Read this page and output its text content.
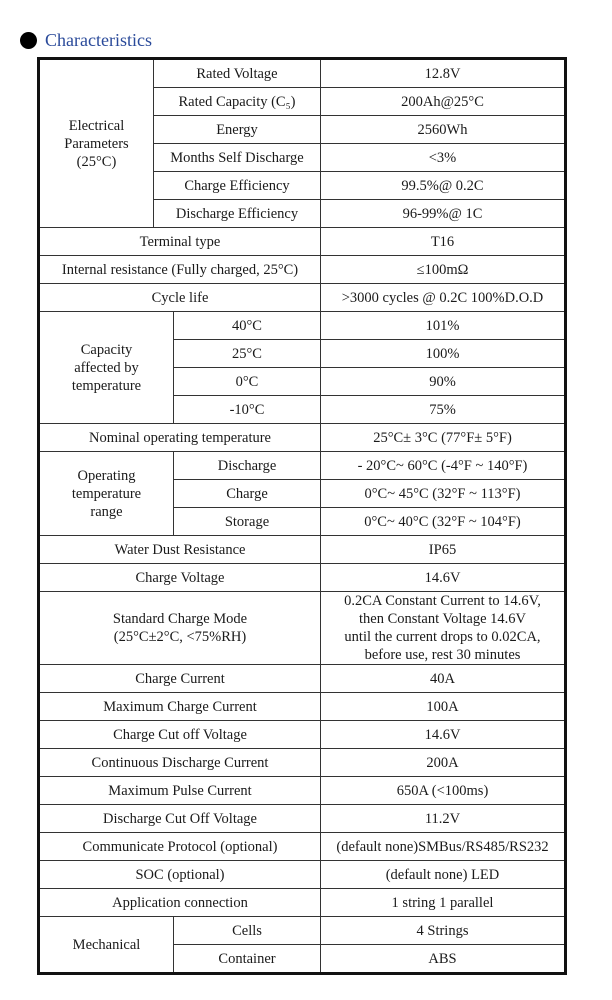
Characteristics
Electrical
Parameters
(25°C)	Rated Voltage		12.8V
	Rated Capacity (C₅)		200Ah@25°C
	Energy		2560Wh
	Months Self Discharge		<3%
	Charge Efficiency		99.5%@ 0.2C
	Discharge Efficiency		96-99%@ 1C
Terminal type			T16
Internal resistance (Fully charged, 25°C)			≤100mΩ
Cycle life			>3000 cycles @ 0.2C 100%D.O.D
Capacity
affected by
temperature		40°C	101%
		25°C	100%
		0°C	90%
		-10°C	75%
Nominal operating temperature			25°C± 3°C (77°F± 5°F)
Operating
temperature
range		Discharge	- 20°C~ 60°C (-4°F ~ 140°F)
		Charge	0°C~ 45°C (32°F ~ 113°F)
		Storage	0°C~ 40°C (32°F ~ 104°F)
Water Dust Resistance			IP65
Charge Voltage			14.6V
Standard Charge Mode
(25°C±2°C, <75%RH)			0.2CA Constant Current to 14.6V,
then Constant Voltage 14.6V
until the current drops to 0.02CA,
before use, rest 30 minutes
Charge Current			40A
Maximum Charge Current			100A
Charge Cut off Voltage			14.6V
Continuous Discharge Current			200A
Maximum Pulse Current			650A (<100ms)
Discharge Cut Off Voltage			11.2V
Communicate Protocol (optional)			(default none)SMBus/RS485/RS232
SOC (optional)			(default none) LED
Application connection			1 string 1 parallel
Mechanical		Cells	4 Strings
		Container	ABS
